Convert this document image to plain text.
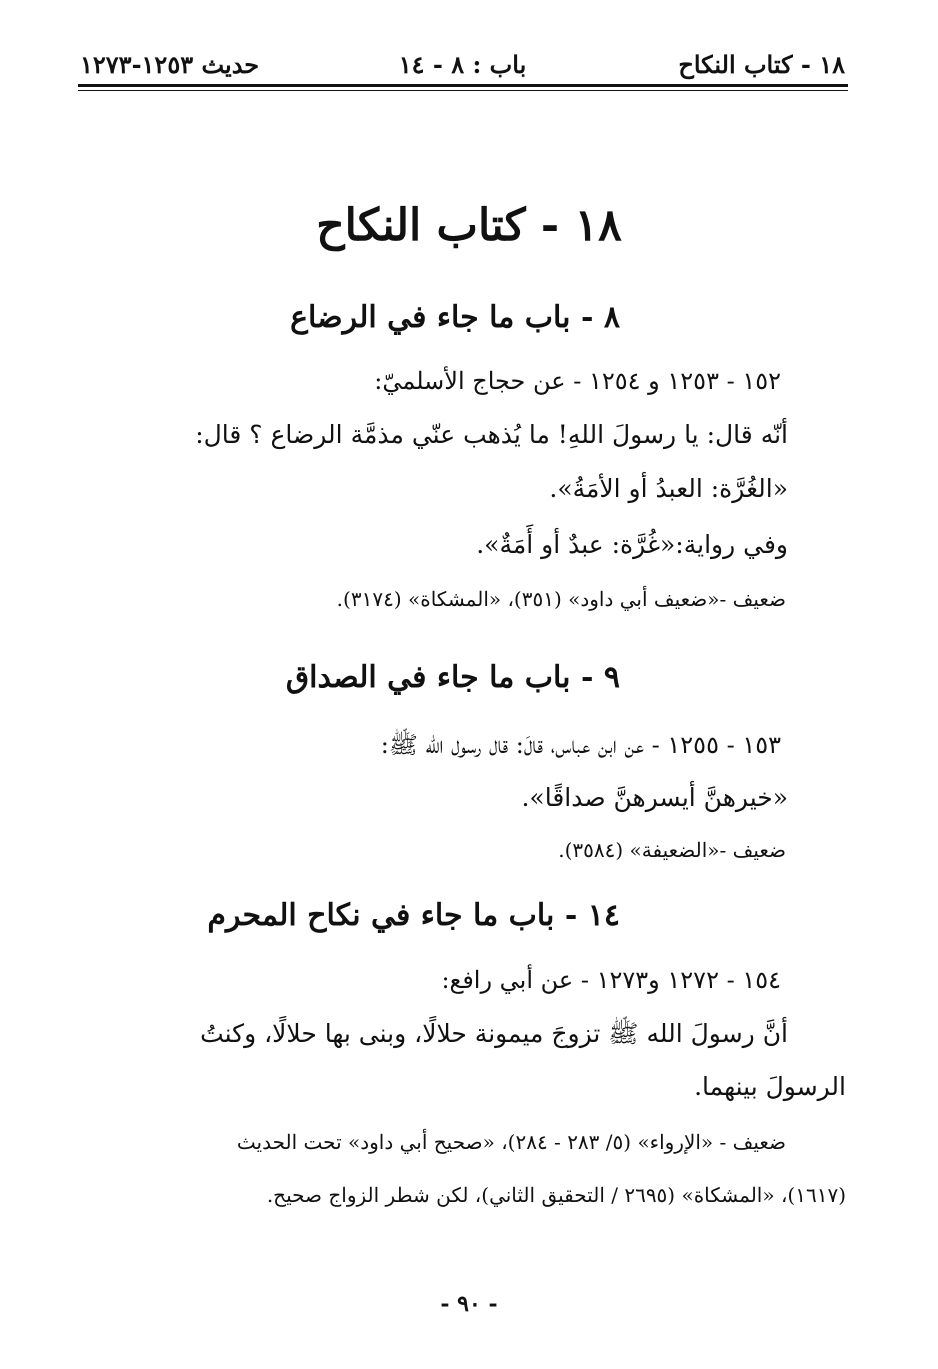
١٨ - كتاب النكاح
باب : ٨ - ١٤
حديث ١٢٥٣-١٢٧٣
١٨ - كتاب النكاح
٨ - باب ما جاء في الرضاع
١٥٢ - ١٢٥٣ و ١٢٥٤ - عن حجاج الأسلميّ:
أنّه قال: يا رسولَ اللهِ! ما يُذهب عنّي مذمَّة الرضاع ؟ قال:
«الغُرَّة: العبدُ أو الأمَةُ».
وفي رواية:«غُرَّة: عبدٌ أو أَمَةٌ».
ضعيف -«ضعيف أبي داود» (٣٥١)، «المشكاة» (٣١٧٤).
٩ - باب ما جاء في الصداق
١٥٣ - ١٢٥٥ - عن ابن عباس، قالَ: قال رسول الله ﷺ:
«خيرهنَّ أيسرهنَّ صداقًا».
ضعيف -«الضعيفة» (٣٥٨٤).
١٤ - باب ما جاء في نكاح المحرم
١٥٤ - ١٢٧٢ و١٢٧٣ - عن أبي رافع:
أنَّ رسولَ الله ﷺ تزوجَ ميمونة حلالًا، وبنى بها حلالًا، وكنتُ
الرسولَ بينهما.
ضعيف - «الإرواء» (٥/ ٢٨٣ - ٢٨٤)، «صحيح أبي داود» تحت الحديث
(١٦١٧)، «المشكاة» (٢٦٩٥ / التحقيق الثاني)، لكن شطر الزواج صحيح.
- ٩٠ -
